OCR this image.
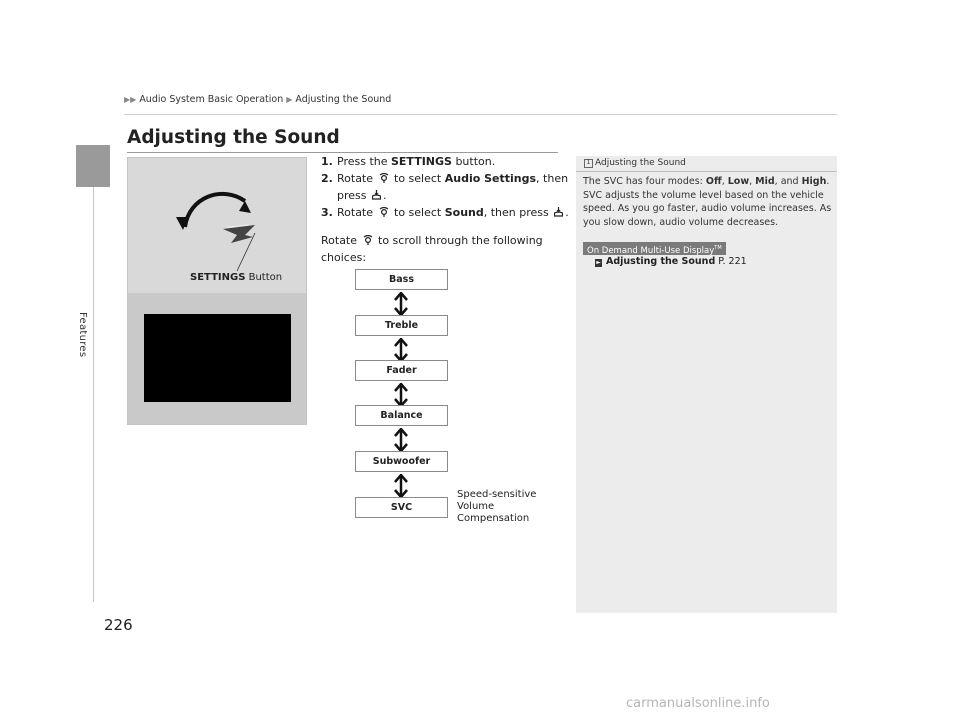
Features
▶▶ Audio System Basic Operation ▶ Adjusting the Sound
Adjusting the Sound
SETTINGS Button
1. Press the SETTINGS button.
2. Rotate  to select Audio Settings, then
press .
3. Rotate  to select Sound, then press .
Rotate  to scroll through the following
choices:
Bass
Treble
Fader
Balance
Subwoofer
SVC
Speed-sensitive
Volume
Compensation
1 Adjusting the Sound
The SVC has four modes: Off, Low, Mid, and High. SVC adjusts the volume level based on the vehicle speed. As you go faster, audio volume increases. As you slow down, audio volume decreases.
On Demand Multi-Use Display™
► Adjusting the Sound P. 221
226
carmanualsonline.info
